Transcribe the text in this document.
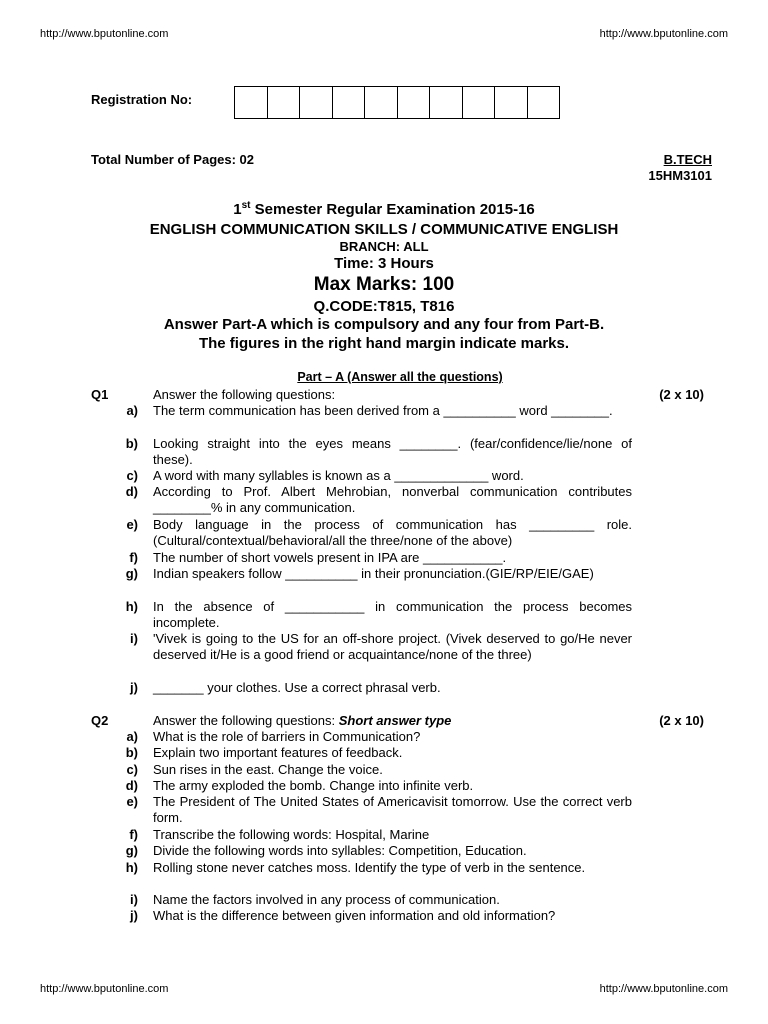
http://www.bputonline.com	http://www.bputonline.com
Registration No:
Total Number of Pages: 02	B.TECH
15HM3101
1st Semester Regular Examination 2015-16
ENGLISH COMMUNICATION SKILLS / COMMUNICATIVE ENGLISH
BRANCH: ALL
Time: 3 Hours
Max Marks: 100
Q.CODE:T815, T816
Answer Part-A which is compulsory and any four from Part-B.
The figures in the right hand margin indicate marks.
Part – A (Answer all the questions)
Q1	Answer the following questions:	(2 x 10)
a) The term communication has been derived from a __________ word ________.
b) Looking straight into the eyes means ________. (fear/confidence/lie/none of these).
c) A word with many syllables is known as a _____________ word.
d) According to Prof. Albert Mehrobian, nonverbal communication contributes ________% in any communication.
e) Body language in the process of communication has _________ role. (Cultural/contextual/behavioral/all the three/none of the above)
f) The number of short vowels present in IPA are ___________.
g) Indian speakers follow __________ in their pronunciation.(GIE/RP/EIE/GAE)
h) In the absence of ___________ in communication the process becomes incomplete.
i) 'Vivek is going to the US for an off-shore project. (Vivek deserved to go/He never deserved it/He is a good friend or acquaintance/none of the three)
j) _______ your clothes. Use a correct phrasal verb.
Q2	Answer the following questions: Short answer type	(2 x 10)
a) What is the role of barriers in Communication?
b) Explain two important features of feedback.
c) Sun rises in the east. Change the voice.
d) The army exploded the bomb. Change into infinite verb.
e) The President of The United States of Americavisit tomorrow. Use the correct verb form.
f) Transcribe the following words: Hospital, Marine
g) Divide the following words into syllables: Competition, Education.
h) Rolling stone never catches moss. Identify the type of verb in the sentence.
i) Name the factors involved in any process of communication.
j) What is the difference between given information and old information?
http://www.bputonline.com	http://www.bputonline.com
